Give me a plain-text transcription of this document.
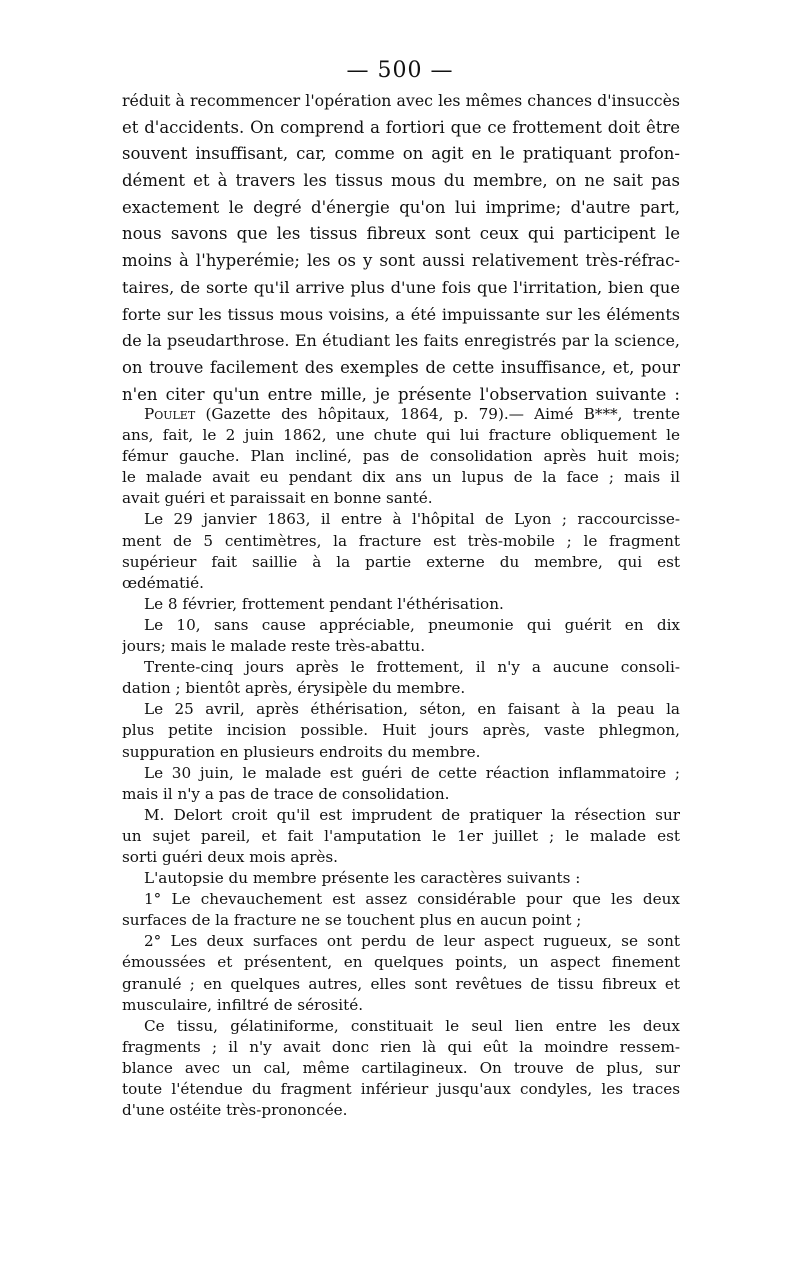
— 500 —
réduit à recommencer l'opération avec les mêmes chances d'insuccès
et d'accidents. On comprend a fortiori que ce frottement doit être
souvent insuffisant, car, comme on agit en le pratiquant profon-
dément et à travers les tissus mous du membre, on ne sait pas
exactement le degré d'énergie qu'on lui imprime; d'autre part,
nous savons que les tissus fibreux sont ceux qui participent le
moins à l'hyperémie; les os y sont aussi relativement très-réfrac-
taires, de sorte qu'il arrive plus d'une fois que l'irritation, bien que
forte sur les tissus mous voisins, a été impuissante sur les éléments
de la pseudarthrose. En étudiant les faits enregistrés par la science,
on trouve facilement des exemples de cette insuffisance, et, pour
n'en citer qu'un entre mille, je présente l'observation suivante :
Poulet (Gazette des hôpitaux, 1864, p. 79).— Aimé B***, trente
ans, fait, le 2 juin 1862, une chute qui lui fracture obliquement le
fémur gauche. Plan incliné, pas de consolidation après huit mois;
le malade avait eu pendant dix ans un lupus de la face ; mais il
avait guéri et paraissait en bonne santé.
Le 29 janvier 1863, il entre à l'hôpital de Lyon ; raccourcisse-
ment de 5 centimètres, la fracture est très-mobile ; le fragment
supérieur fait saillie à la partie externe du membre, qui est
œdématié.
Le 8 février, frottement pendant l'éthérisation.
Le 10, sans cause appréciable, pneumonie qui guérit en dix
jours; mais le malade reste très-abattu.
Trente-cinq jours après le frottement, il n'y a aucune consoli-
dation ; bientôt après, érysipèle du membre.
Le 25 avril, après éthérisation, séton, en faisant à la peau la
plus petite incision possible. Huit jours après, vaste phlegmon,
suppuration en plusieurs endroits du membre.
Le 30 juin, le malade est guéri de cette réaction inflammatoire ;
mais il n'y a pas de trace de consolidation.
M. Delort croit qu'il est imprudent de pratiquer la résection sur
un sujet pareil, et fait l'amputation le 1er juillet ; le malade est
sorti guéri deux mois après.
L'autopsie du membre présente les caractères suivants :
1° Le chevauchement est assez considérable pour que les deux
surfaces de la fracture ne se touchent plus en aucun point ;
2° Les deux surfaces ont perdu de leur aspect rugueux, se sont
émoussées et présentent, en quelques points, un aspect finement
granulé ; en quelques autres, elles sont revêtues de tissu fibreux et
musculaire, infiltré de sérosité.
Ce tissu, gélatiniforme, constituait le seul lien entre les deux
fragments ; il n'y avait donc rien là qui eût la moindre ressem-
blance avec un cal, même cartilagineux. On trouve de plus, sur
toute l'étendue du fragment inférieur jusqu'aux condyles, les traces
d'une ostéite très-prononcée.
